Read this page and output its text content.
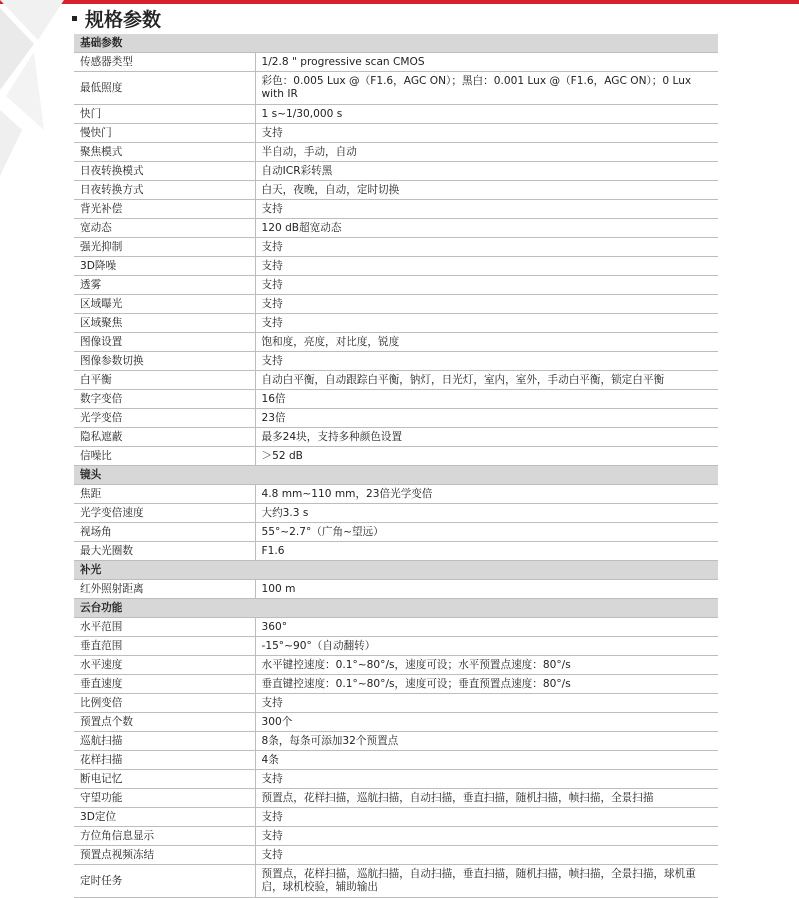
规格参数
基础参数	
传感器类型	1/2.8 " progressive scan CMOS
最低照度	彩色：0.005 Lux @（F1.6，AGC ON）；黑白：0.001 Lux @（F1.6，AGC ON）；0 Lux with IR
快门	1 s~1/30,000 s
慢快门	支持
聚焦模式	半自动，手动，自动
日夜转换模式	自动ICR彩转黑
日夜转换方式	白天，夜晚，自动，定时切换
背光补偿	支持
宽动态	120 dB超宽动态
强光抑制	支持
3D降噪	支持
透雾	支持
区域曝光	支持
区域聚焦	支持
图像设置	饱和度，亮度，对比度，锐度
图像参数切换	支持
白平衡	自动白平衡，自动跟踪白平衡，钠灯，日光灯，室内，室外，手动白平衡，锁定白平衡
数字变倍	16倍
光学变倍	23倍
隐私遮蔽	最多24块，支持多种颜色设置
信噪比	＞52 dB
镜头	
焦距	4.8 mm~110 mm，23倍光学变倍
光学变倍速度	大约3.3 s
视场角	55°~2.7°（广角~望远）
最大光圈数	F1.6
补光	
红外照射距离	100 m
云台功能	
水平范围	360°
垂直范围	-15°~90°（自动翻转）
水平速度	水平键控速度：0.1°~80°/s，速度可设；水平预置点速度：80°/s
垂直速度	垂直键控速度：0.1°~80°/s，速度可设；垂直预置点速度：80°/s
比例变倍	支持
预置点个数	300个
巡航扫描	8条，每条可添加32个预置点
花样扫描	4条
断电记忆	支持
守望功能	预置点，花样扫描，巡航扫描，自动扫描，垂直扫描，随机扫描，帧扫描，全景扫描
3D定位	支持
方位角信息显示	支持
预置点视频冻结	支持
定时任务	预置点，花样扫描，巡航扫描，自动扫描，垂直扫描，随机扫描，帧扫描，全景扫描，球机重启，球机校验，辅助输出
